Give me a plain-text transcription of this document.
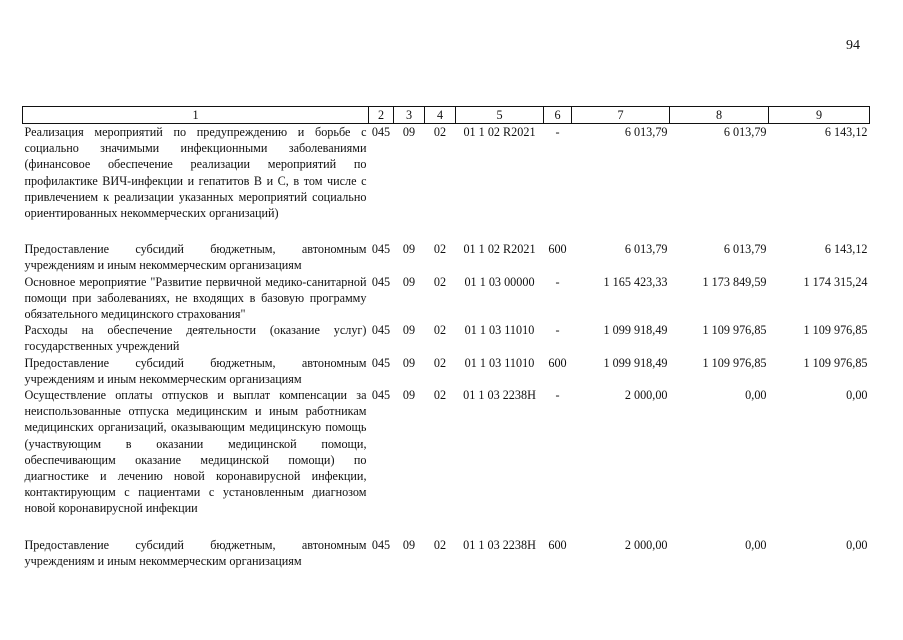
94
1	2	3	4	5	6	7	8	9
Реализация мероприятий по предупреждению и борьбе с социально значимыми инфекционными заболеваниями (финансовое обеспечение реализации мероприятий по профилактике ВИЧ-инфекции и гепатитов В и С, в том числе с привлечением к реализации указанных мероприятий социально ориентированных некоммерческих организаций)	045	09	02	01 1 02 R2021	-	6 013,79	6 013,79	6 143,12

Предоставление субсидий бюджетным, автономным учреждениям и иным некоммерческим организациям	045	09	02	01 1 02 R2021	600	6 013,79	6 013,79	6 143,12
Основное мероприятие "Развитие первичной медико-санитарной помощи при заболеваниях, не входящих в базовую программу обязательного медицинского страхования"	045	09	02	01 1 03 00000	-	1 165 423,33	1 173 849,59	1 174 315,24
Расходы на обеспечение деятельности (оказание услуг) государственных учреждений	045	09	02	01 1 03 11010	-	1 099 918,49	1 109 976,85	1 109 976,85
Предоставление субсидий бюджетным, автономным учреждениям и иным некоммерческим организациям	045	09	02	01 1 03 11010	600	1 099 918,49	1 109 976,85	1 109 976,85
Осуществление оплаты отпусков и выплат компенсации за неиспользованные отпуска медицинским и иным работникам медицинских организаций, оказывающим медицинскую помощь (участвующим в оказании медицинской помощи, обеспечивающим оказание медицинской помощи) по диагностике и лечению новой коронавирусной инфекции, контактирующим с пациентами с установленным диагнозом новой коронавирусной инфекции	045	09	02	01 1 03 2238Н	-	2 000,00	0,00	0,00

Предоставление субсидий бюджетным, автономным учреждениям и иным некоммерческим организациям	045	09	02	01 1 03 2238Н	600	2 000,00	0,00	0,00
